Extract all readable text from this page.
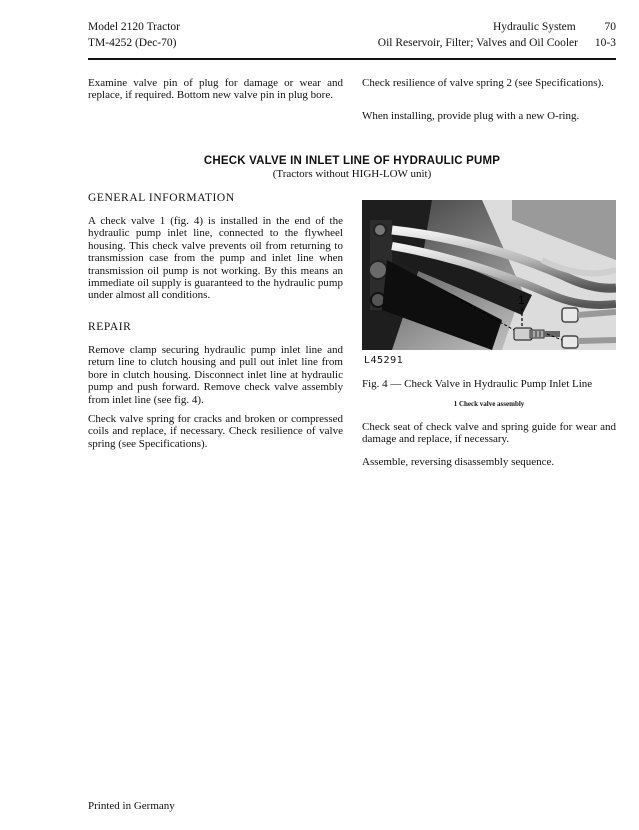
Model 2120 Tractor
TM-4252 (Dec-70)
Hydraulic System	70
Oil Reservoir, Filter; Valves and Oil Cooler	10-3

Examine valve pin of plug for damage or wear and replace, if required. Bottom new valve pin in plug bore.

Check resilience of valve spring 2 (see Specifications).

When installing, provide plug with a new O-ring.

CHECK VALVE IN INLET LINE OF HYDRAULIC PUMP

(Tractors without HIGH-LOW unit)

GENERAL INFORMATION

A check valve 1 (fig. 4) is installed in the end of the hydraulic pump inlet line, connected to the flywheel housing. This check valve prevents oil from returning to transmission case from the pump and inlet line when transmission oil pump is not working. By this means an immediate oil supply is guaranteed to the hydraulic pump under almost all conditions.

REPAIR

Remove clamp securing hydraulic pump inlet line and return line to clutch housing and pull out inlet line from bore in clutch housing. Disconnect inlet line at hydraulic pump and push forward. Remove check valve assembly from inlet line (see fig. 4).

Check valve spring for cracks and broken or compressed coils and replace, if necessary. Check resilience of valve spring (see Specifications).

1

L45291

Fig. 4 — Check Valve in Hydraulic Pump Inlet Line

1 Check valve assembly

Check seat of check valve and spring guide for wear and damage and replace, if necessary.

Assemble, reversing disassembly sequence.

Printed in Germany
